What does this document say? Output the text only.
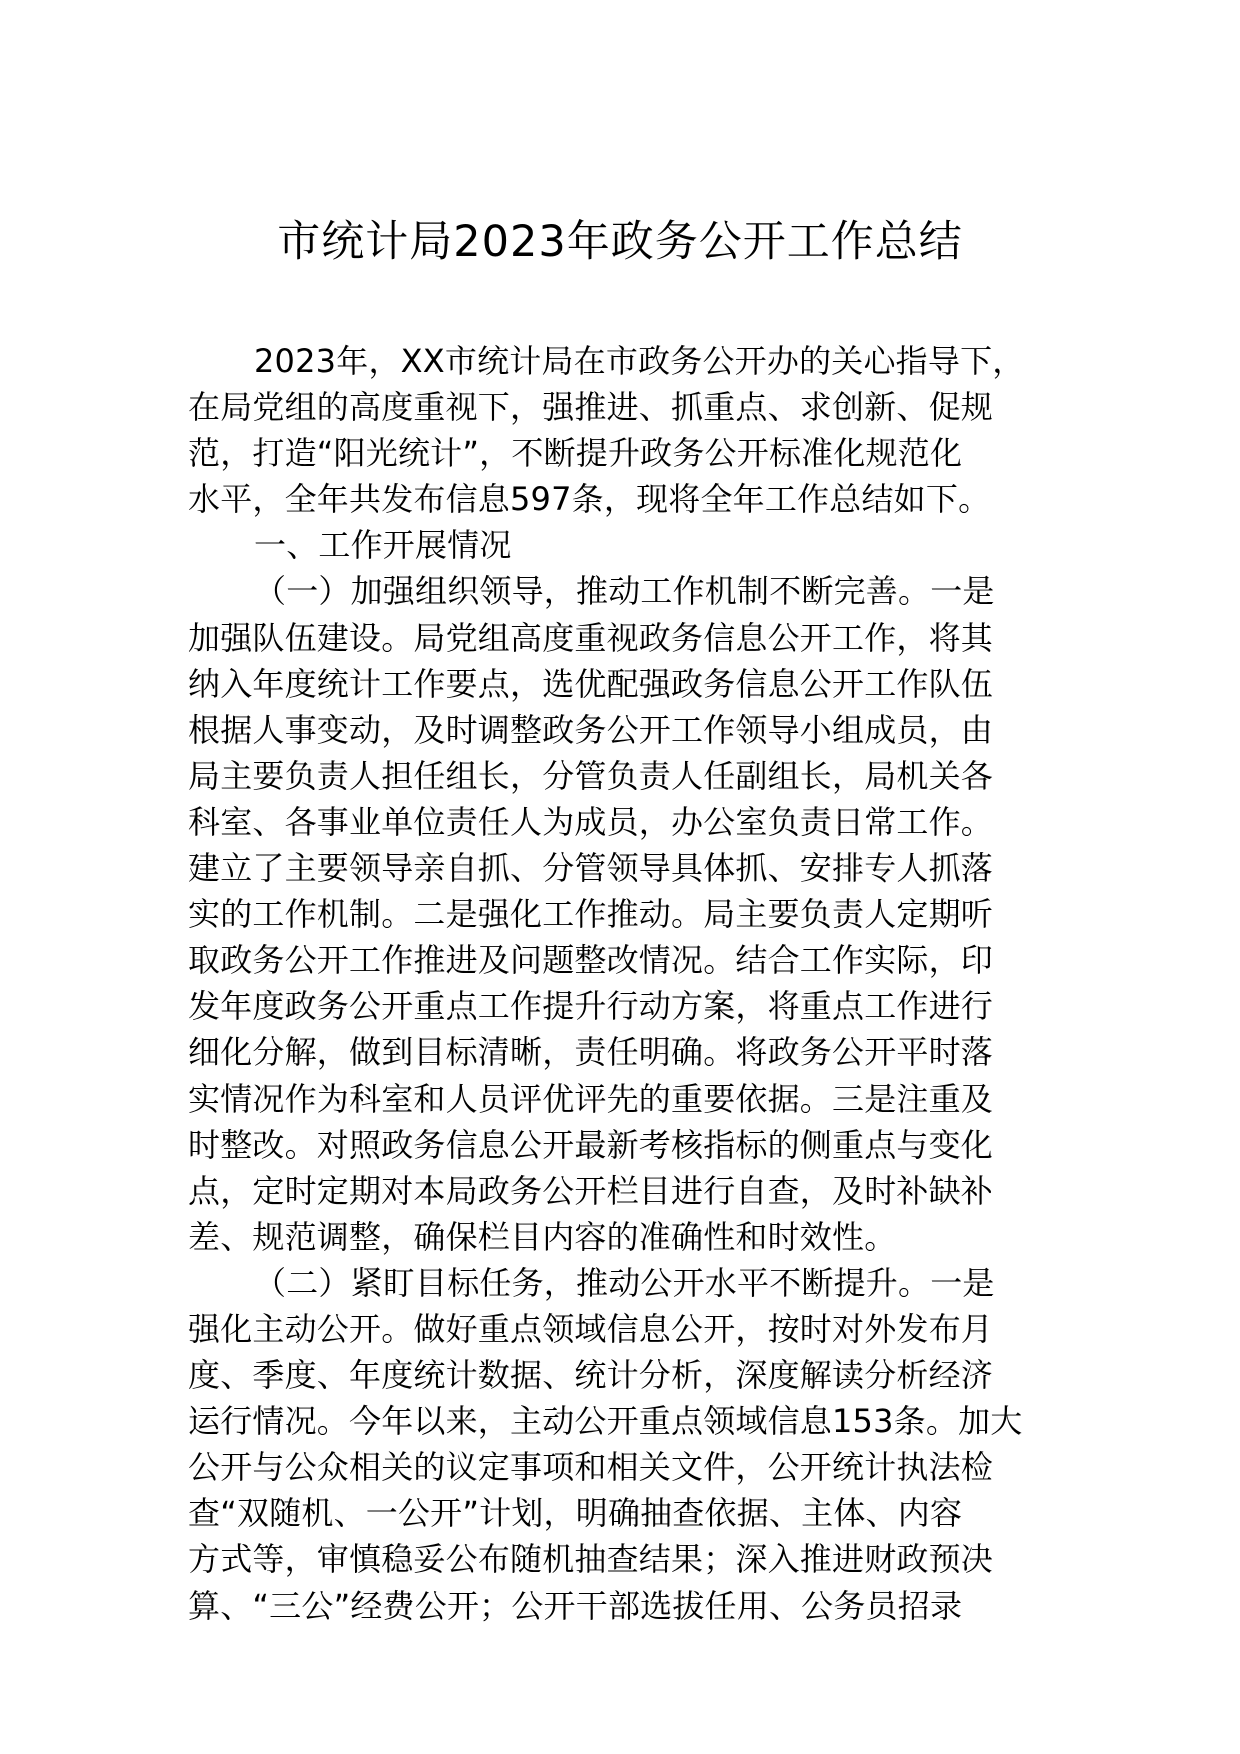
市统计局2023年政务公开工作总结
2023年，XX市统计局在市政务公开办的关心指导下，
在局党组的高度重视下，强推进、抓重点、求创新、促规
范，打造“阳光统计”，不断提升政务公开标准化规范化
水平，全年共发布信息597条，现将全年工作总结如下。
一、工作开展情况
（一）加强组织领导，推动工作机制不断完善。一是
加强队伍建设。局党组高度重视政务信息公开工作，将其
纳入年度统计工作要点，选优配强政务信息公开工作队伍
根据人事变动，及时调整政务公开工作领导小组成员，由
局主要负责人担任组长，分管负责人任副组长，局机关各
科室、各事业单位责任人为成员，办公室负责日常工作。
建立了主要领导亲自抓、分管领导具体抓、安排专人抓落
实的工作机制。二是强化工作推动。局主要负责人定期听
取政务公开工作推进及问题整改情况。结合工作实际，印
发年度政务公开重点工作提升行动方案，将重点工作进行
细化分解，做到目标清晰，责任明确。将政务公开平时落
实情况作为科室和人员评优评先的重要依据。三是注重及
时整改。对照政务信息公开最新考核指标的侧重点与变化
点，定时定期对本局政务公开栏目进行自查，及时补缺补
差、规范调整，确保栏目内容的准确性和时效性。
（二）紧盯目标任务，推动公开水平不断提升。一是
强化主动公开。做好重点领域信息公开，按时对外发布月
度、季度、年度统计数据、统计分析，深度解读分析经济
运行情况。今年以来，主动公开重点领域信息153条。加大
公开与公众相关的议定事项和相关文件，公开统计执法检
查“双随机、一公开”计划，明确抽查依据、主体、内容
方式等，审慎稳妥公布随机抽查结果；深入推进财政预决
算、“三公”经费公开；公开干部选拔任用、公务员招录
